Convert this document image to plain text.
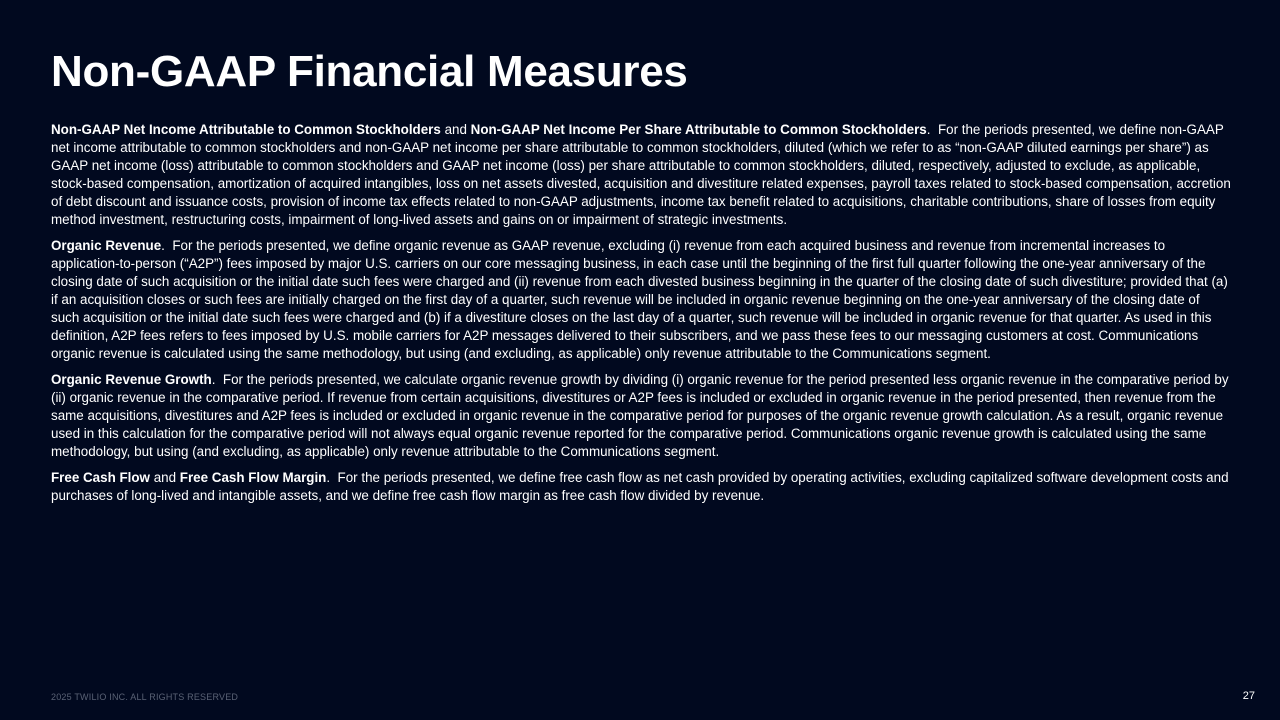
Non-GAAP Financial Measures

Non-GAAP Net Income Attributable to Common Stockholders and Non-GAAP Net Income Per Share Attributable to Common Stockholders. For the periods presented, we define non-GAAP net income attributable to common stockholders and non-GAAP net income per share attributable to common stockholders, diluted (which we refer to as “non-GAAP diluted earnings per share”) as GAAP net income (loss) attributable to common stockholders and GAAP net income (loss) per share attributable to common stockholders, diluted, respectively, adjusted to exclude, as applicable, stock-based compensation, amortization of acquired intangibles, loss on net assets divested, acquisition and divestiture related expenses, payroll taxes related to stock-based compensation, accretion of debt discount and issuance costs, provision of income tax effects related to non-GAAP adjustments, income tax benefit related to acquisitions, charitable contributions, share of losses from equity method investment, restructuring costs, impairment of long-lived assets and gains on or impairment of strategic investments.

Organic Revenue. For the periods presented, we define organic revenue as GAAP revenue, excluding (i) revenue from each acquired business and revenue from incremental increases to application-to-person (“A2P”) fees imposed by major U.S. carriers on our core messaging business, in each case until the beginning of the first full quarter following the one-year anniversary of the closing date of such acquisition or the initial date such fees were charged and (ii) revenue from each divested business beginning in the quarter of the closing date of such divestiture; provided that (a) if an acquisition closes or such fees are initially charged on the first day of a quarter, such revenue will be included in organic revenue beginning on the one-year anniversary of the closing date of such acquisition or the initial date such fees were charged and (b) if a divestiture closes on the last day of a quarter, such revenue will be included in organic revenue for that quarter. As used in this definition, A2P fees refers to fees imposed by U.S. mobile carriers for A2P messages delivered to their subscribers, and we pass these fees to our messaging customers at cost. Communications organic revenue is calculated using the same methodology, but using (and excluding, as applicable) only revenue attributable to the Communications segment.

Organic Revenue Growth. For the periods presented, we calculate organic revenue growth by dividing (i) organic revenue for the period presented less organic revenue in the comparative period by (ii) organic revenue in the comparative period. If revenue from certain acquisitions, divestitures or A2P fees is included or excluded in organic revenue in the period presented, then revenue from the same acquisitions, divestitures and A2P fees is included or excluded in organic revenue in the comparative period for purposes of the organic revenue growth calculation. As a result, organic revenue used in this calculation for the comparative period will not always equal organic revenue reported for the comparative period. Communications organic revenue growth is calculated using the same methodology, but using (and excluding, as applicable) only revenue attributable to the Communications segment.

Free Cash Flow and Free Cash Flow Margin. For the periods presented, we define free cash flow as net cash provided by operating activities, excluding capitalized software development costs and purchases of long-lived and intangible assets, and we define free cash flow margin as free cash flow divided by revenue.

2025 TWILIO INC. ALL RIGHTS RESERVED	27
